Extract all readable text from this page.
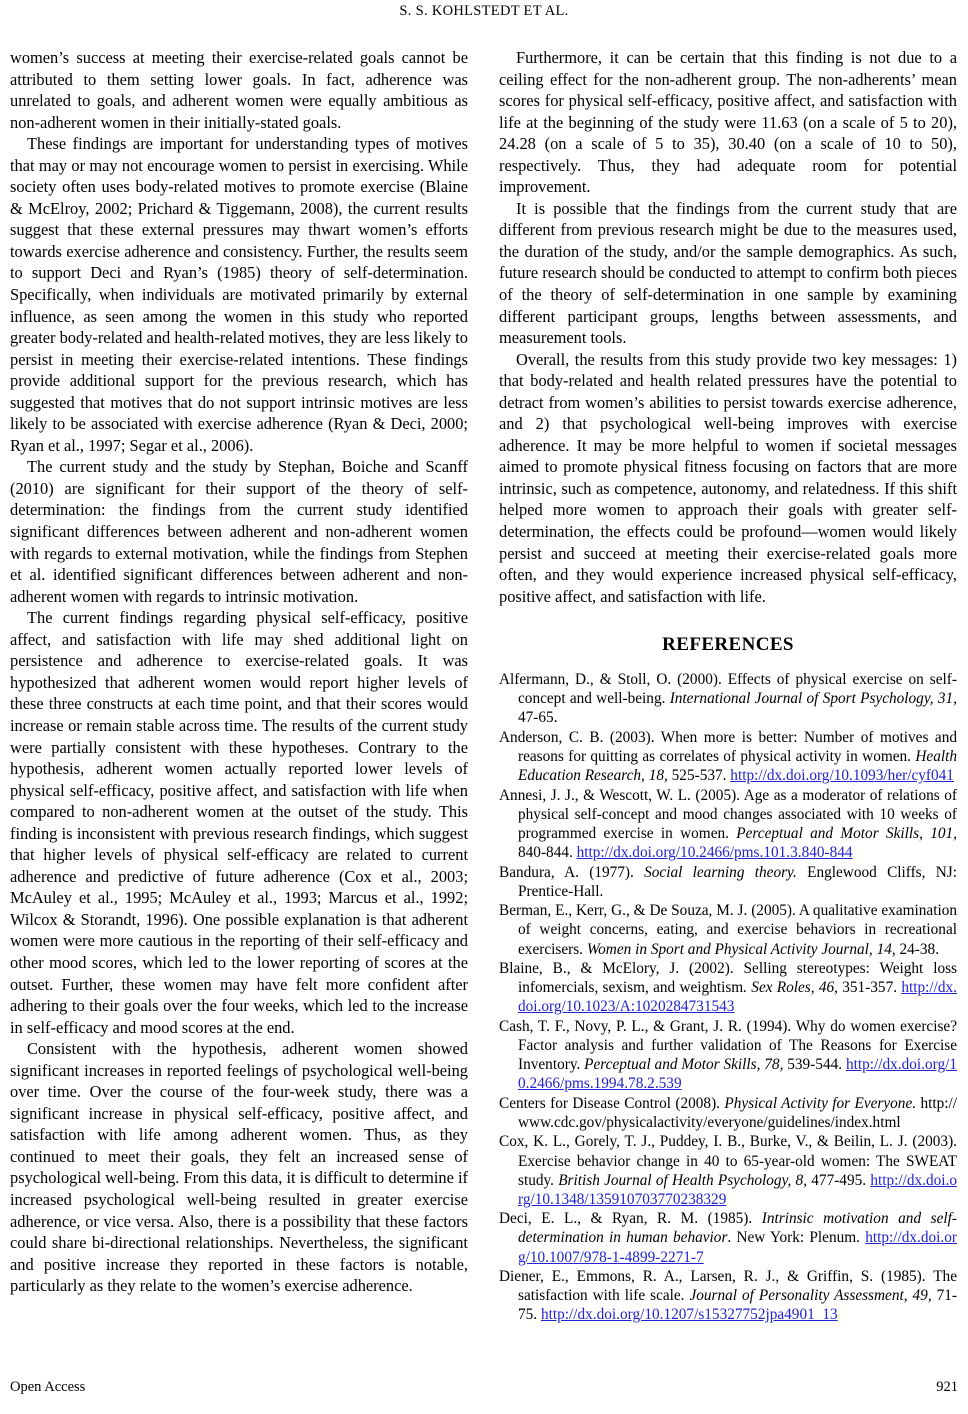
S. S. KOHLSTEDT ET AL.

women’s success at meeting their exercise-related goals cannot be attributed to them setting lower goals. In fact, adherence was unrelated to goals, and adherent women were equally ambitious as non-adherent women in their initially-stated goals.

These findings are important for understanding types of motives that may or may not encourage women to persist in exercising. While society often uses body-related motives to promote exercise (Blaine & McElroy, 2002; Prichard & Tiggemann, 2008), the current results suggest that these external pressures may thwart women’s efforts towards exercise adherence and consistency. Further, the results seem to support Deci and Ryan’s (1985) theory of self-determination. Specifically, when individuals are motivated primarily by external influence, as seen among the women in this study who reported greater body-related and health-related motives, they are less likely to persist in meeting their exercise-related intentions. These findings provide additional support for the previous research, which has suggested that motives that do not support intrinsic motives are less likely to be associated with exercise adherence (Ryan & Deci, 2000; Ryan et al., 1997; Segar et al., 2006).

The current study and the study by Stephan, Boiche and Scanff (2010) are significant for their support of the theory of self-determination: the findings from the current study identified significant differences between adherent and non-adherent women with regards to external motivation, while the findings from Stephen et al. identified significant differences between adherent and non-adherent women with regards to intrinsic motivation.

The current findings regarding physical self-efficacy, positive affect, and satisfaction with life may shed additional light on persistence and adherence to exercise-related goals. It was hypothesized that adherent women would report higher levels of these three constructs at each time point, and that their scores would increase or remain stable across time. The results of the current study were partially consistent with these hypotheses. Contrary to the hypothesis, adherent women actually reported lower levels of physical self-efficacy, positive affect, and satisfaction with life when compared to non-adherent women at the outset of the study. This finding is inconsistent with previous research findings, which suggest that higher levels of physical self-efficacy are related to current adherence and predictive of future adherence (Cox et al., 2003; McAuley et al., 1995; McAuley et al., 1993; Marcus et al., 1992; Wilcox & Storandt, 1996). One possible explanation is that adherent women were more cautious in the reporting of their self-efficacy and other mood scores, which led to the lower reporting of scores at the outset. Further, these women may have felt more confident after adhering to their goals over the four weeks, which led to the increase in self-efficacy and mood scores at the end.

Consistent with the hypothesis, adherent women showed significant increases in reported feelings of psychological well-being over time. Over the course of the four-week study, there was a significant increase in physical self-efficacy, positive affect, and satisfaction with life among adherent women. Thus, as they continued to meet their goals, they felt an increased sense of psychological well-being. From this data, it is difficult to determine if increased psychological well-being resulted in greater exercise adherence, or vice versa. Also, there is a possibility that these factors could share bi-directional relationships. Nevertheless, the significant and positive increase they reported in these factors is notable, particularly as they relate to the women’s exercise adherence.

Furthermore, it can be certain that this finding is not due to a ceiling effect for the non-adherent group. The non-adherents’ mean scores for physical self-efficacy, positive affect, and satisfaction with life at the beginning of the study were 11.63 (on a scale of 5 to 20), 24.28 (on a scale of 5 to 35), 30.40 (on a scale of 10 to 50), respectively. Thus, they had adequate room for potential improvement.

It is possible that the findings from the current study that are different from previous research might be due to the measures used, the duration of the study, and/or the sample demographics. As such, future research should be conducted to attempt to confirm both pieces of the theory of self-determination in one sample by examining different participant groups, lengths between assessments, and measurement tools.

Overall, the results from this study provide two key messages: 1) that body-related and health related pressures have the potential to detract from women’s abilities to persist towards exercise adherence, and 2) that psychological well-being improves with exercise adherence. It may be more helpful to women if societal messages aimed to promote physical fitness focusing on factors that are more intrinsic, such as competence, autonomy, and relatedness. If this shift helped more women to approach their goals with greater self-determination, the effects could be profound—women would likely persist and succeed at meeting their exercise-related goals more often, and they would experience increased physical self-efficacy, positive affect, and satisfaction with life.

REFERENCES
Alfermann, D., & Stoll, O. (2000). Effects of physical exercise on self-concept and well-being. International Journal of Sport Psychology, 31, 47-65.
Anderson, C. B. (2003). When more is better: Number of motives and reasons for quitting as correlates of physical activity in women. Health Education Research, 18, 525-537. http://dx.doi.org/10.1093/her/cyf041
Annesi, J. J., & Wescott, W. L. (2005). Age as a moderator of relations of physical self-concept and mood changes associated with 10 weeks of programmed exercise in women. Perceptual and Motor Skills, 101, 840-844. http://dx.doi.org/10.2466/pms.101.3.840-844
Bandura, A. (1977). Social learning theory. Englewood Cliffs, NJ: Prentice-Hall.
Berman, E., Kerr, G., & De Souza, M. J. (2005). A qualitative examination of weight concerns, eating, and exercise behaviors in recreational exercisers. Women in Sport and Physical Activity Journal, 14, 24-38.
Blaine, B., & McElory, J. (2002). Selling stereotypes: Weight loss infomercials, sexism, and weightism. Sex Roles, 46, 351-357. http://dx.doi.org/10.1023/A:1020284731543
Cash, T. F., Novy, P. L., & Grant, J. R. (1994). Why do women exercise? Factor analysis and further validation of The Reasons for Exercise Inventory. Perceptual and Motor Skills, 78, 539-544. http://dx.doi.org/10.2466/pms.1994.78.2.539
Centers for Disease Control (2008). Physical Activity for Everyone. http://www.cdc.gov/physicalactivity/everyone/guidelines/index.html
Cox, K. L., Gorely, T. J., Puddey, I. B., Burke, V., & Beilin, L. J. (2003). Exercise behavior change in 40 to 65-year-old women: The SWEAT study. British Journal of Health Psychology, 8, 477-495. http://dx.doi.org/10.1348/135910703770238329
Deci, E. L., & Ryan, R. M. (1985). Intrinsic motivation and self-determination in human behavior. New York: Plenum. http://dx.doi.org/10.1007/978-1-4899-2271-7
Diener, E., Emmons, R. A., Larsen, R. J., & Griffin, S. (1985). The satisfaction with life scale. Journal of Personality Assessment, 49, 71-75. http://dx.doi.org/10.1207/s15327752jpa4901_13
Open Access	921
